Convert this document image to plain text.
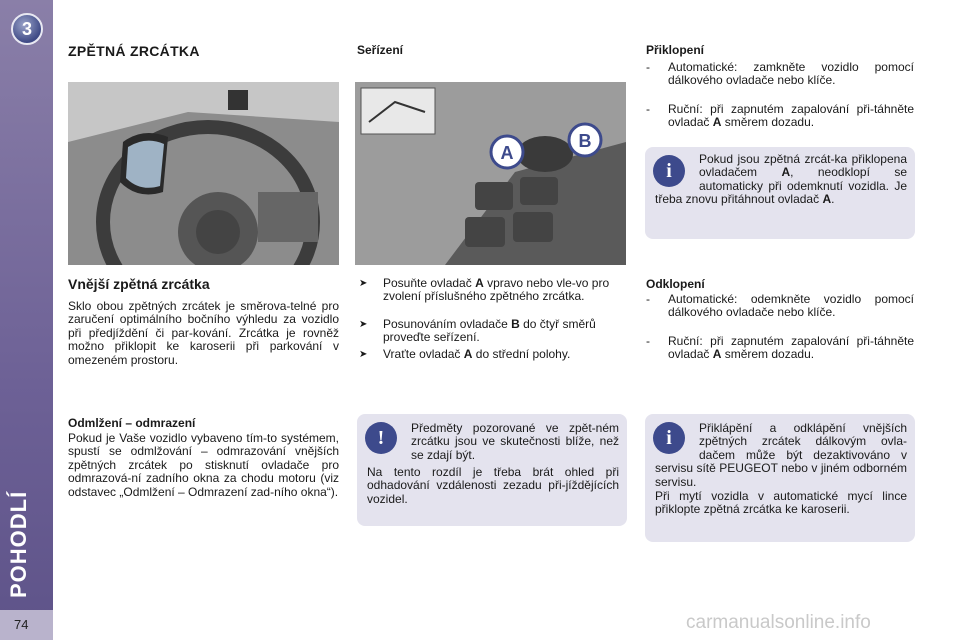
3
POHODLÍ
74
ZPĚTNÁ ZRCÁTKA
Vnější zpětná zrcátka
Sklo obou zpětných zrcátek je směrova-telné pro zaručení optimálního bočního výhledu za vozidlo při předjíždění či par-kování. Zrcátka je rovněž možno přiklopit ke karoserii při parkování v omezeném prostoru.
Odmlžení – odmrazení
Pokud je Vaše vozidlo vybaveno tím-to systémem, spustí se odmlžování – odmrazování vnějších zpětných zrcátek po stisknutí ovladače pro odmrazová-ní zadního okna za chodu motoru (viz odstavec „Odmlžení – Odmrazení zad-ního okna“).
Seřízení
A
B
➤	Posuňte ovladač A vpravo nebo vle-vo pro zvolení příslušného zpětného zrcátka.
➤	Posunováním ovladače B do čtyř směrů proveďte seřízení.
➤	Vraťte ovladač A do střední polohy.
!	Předměty pozorované ve zpět-ném zrcátku jsou ve skutečnosti blíže, než se zdají být.
Na tento rozdíl je třeba brát ohled při odhadování vzdálenosti zezadu při-jíždějících vozidel.
Přiklopení
-	Automatické: zamkněte vozidlo pomocí dálkového ovladače nebo klíče.
-	Ruční: při zapnutém zapalování při-táhněte ovladač A směrem dozadu.
i
Pokud jsou zpětná zrcát-ka přiklopena ovladačem A, neodklopí se automaticky při odemknutí vozidla. Je třeba znovu přitáhnout ovladač A.
Odklopení
-	Automatické: odemkněte vozidlo pomocí dálkového ovladače nebo klíče.
-	Ruční: při zapnutém zapalování při-táhněte ovladač A směrem dozadu.
i	Přiklápění a odklápění vnějších zpětných zrcátek dálkovým ovla-dačem může být dezaktivováno v servisu sítě PEUGEOT nebo v jiném odborném servisu.
Při mytí vozidla v automatické mycí lince přiklopte zpětná zrcátka ke karoserii.
carmanualsonline.info
